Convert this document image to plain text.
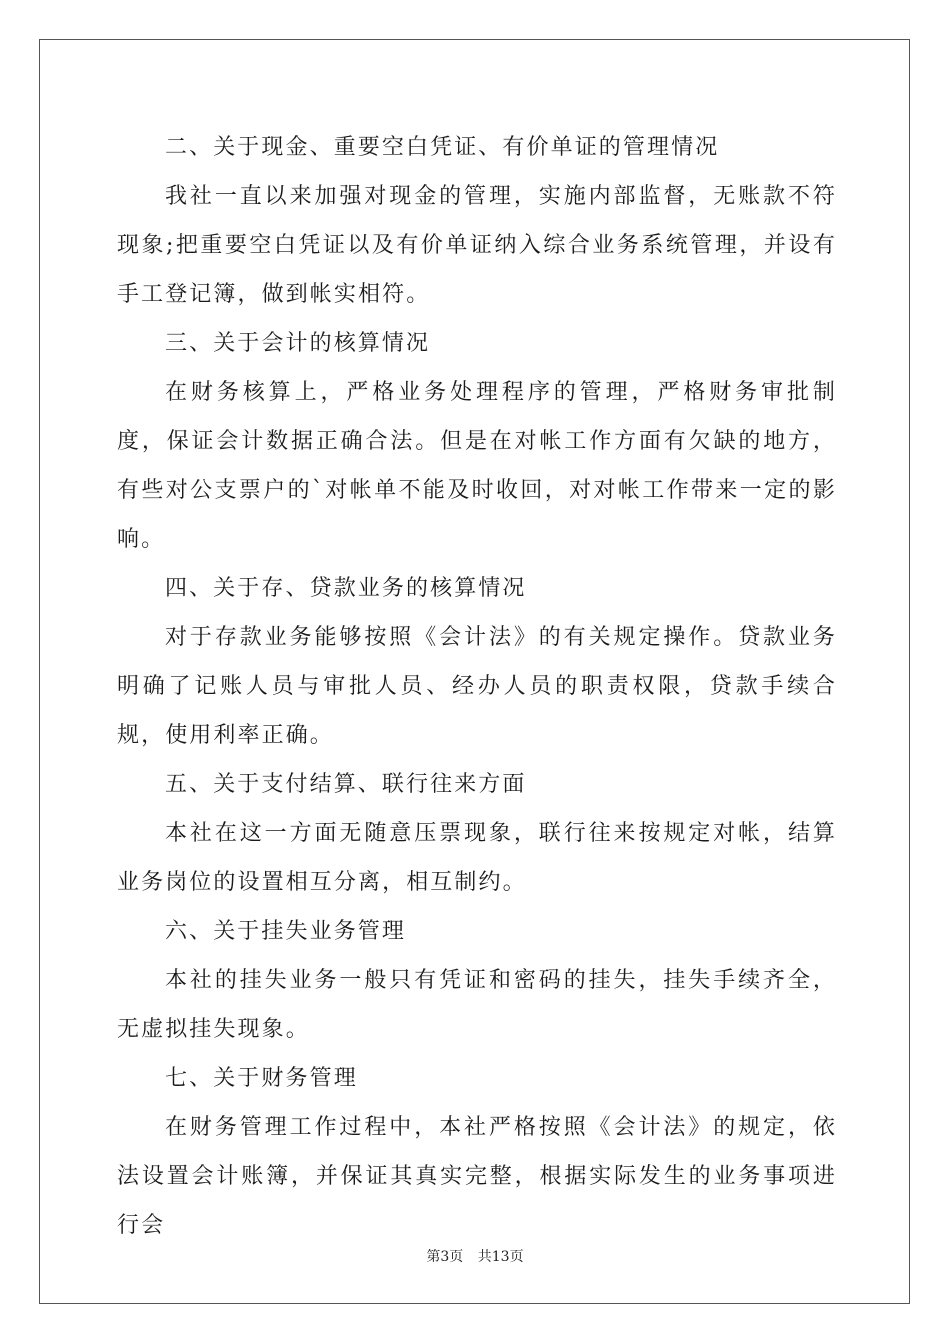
二、关于现金、重要空白凭证、有价单证的管理情况

我社一直以来加强对现金的管理，实施内部监督，无账款不符现象;把重要空白凭证以及有价单证纳入综合业务系统管理，并设有手工登记簿，做到帐实相符。

三、关于会计的核算情况

在财务核算上，严格业务处理程序的管理，严格财务审批制度，保证会计数据正确合法。但是在对帐工作方面有欠缺的地方，有些对公支票户的`对帐单不能及时收回，对对帐工作带来一定的影响。

四、关于存、贷款业务的核算情况

对于存款业务能够按照《会计法》的有关规定操作。贷款业务明确了记账人员与审批人员、经办人员的职责权限，贷款手续合规，使用利率正确。

五、关于支付结算、联行往来方面

本社在这一方面无随意压票现象，联行往来按规定对帐，结算业务岗位的设置相互分离，相互制约。

六、关于挂失业务管理

本社的挂失业务一般只有凭证和密码的挂失，挂失手续齐全，无虚拟挂失现象。

七、关于财务管理

在财务管理工作过程中，本社严格按照《会计法》的规定，依法设置会计账簿，并保证其真实完整，根据实际发生的业务事项进行会

第3页 共13页
